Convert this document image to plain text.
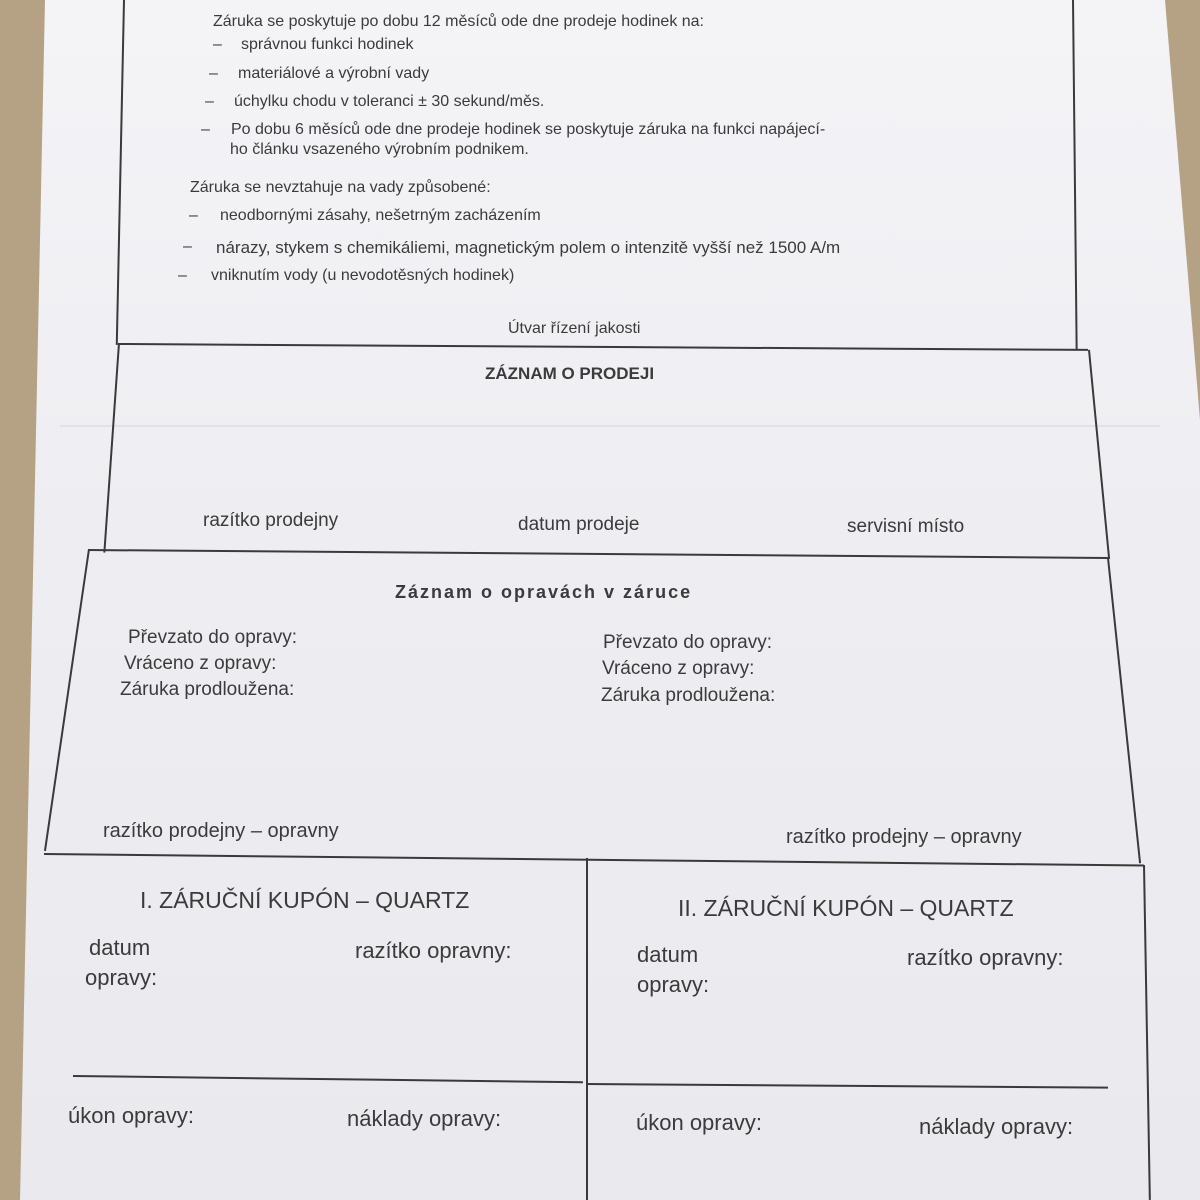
Záruka se poskytuje po dobu 12 měsíců ode dne prodeje hodinek na:
– správnou funkci hodinek
– materiálové a výrobní vady
– úchylku chodu v toleranci ± 30 sekund/měs.
– Po dobu 6 měsíců ode dne prodeje hodinek se poskytuje záruka na funkci napájecí-
ho článku vsazeného výrobním podnikem.
Záruka se nevztahuje na vady způsobené:
– neodbornými zásahy, nešetrným zacházením
– nárazy, stykem s chemikáliemi, magnetickým polem o intenzitě vyšší než 1500 A/m
– vniknutím vody (u nevodotěsných hodinek)
Útvar řízení jakosti
ZÁZNAM O PRODEJI
razítko prodejny	datum prodeje	servisní místo
Záznam o opravách v záruce
Převzato do opravy:
Vráceno z opravy:
Záruka prodloužena:
Převzato do opravy:
Vráceno z opravy:
Záruka prodloužena:
razítko prodejny – opravny	razítko prodejny – opravny
I. ZÁRUČNÍ KUPÓN – QUARTZ
datum
opravy:
razítko opravny:
úkon opravy:	náklady opravy:
II. ZÁRUČNÍ KUPÓN – QUARTZ
datum
opravy:
razítko opravny:
úkon opravy:	náklady opravy:
